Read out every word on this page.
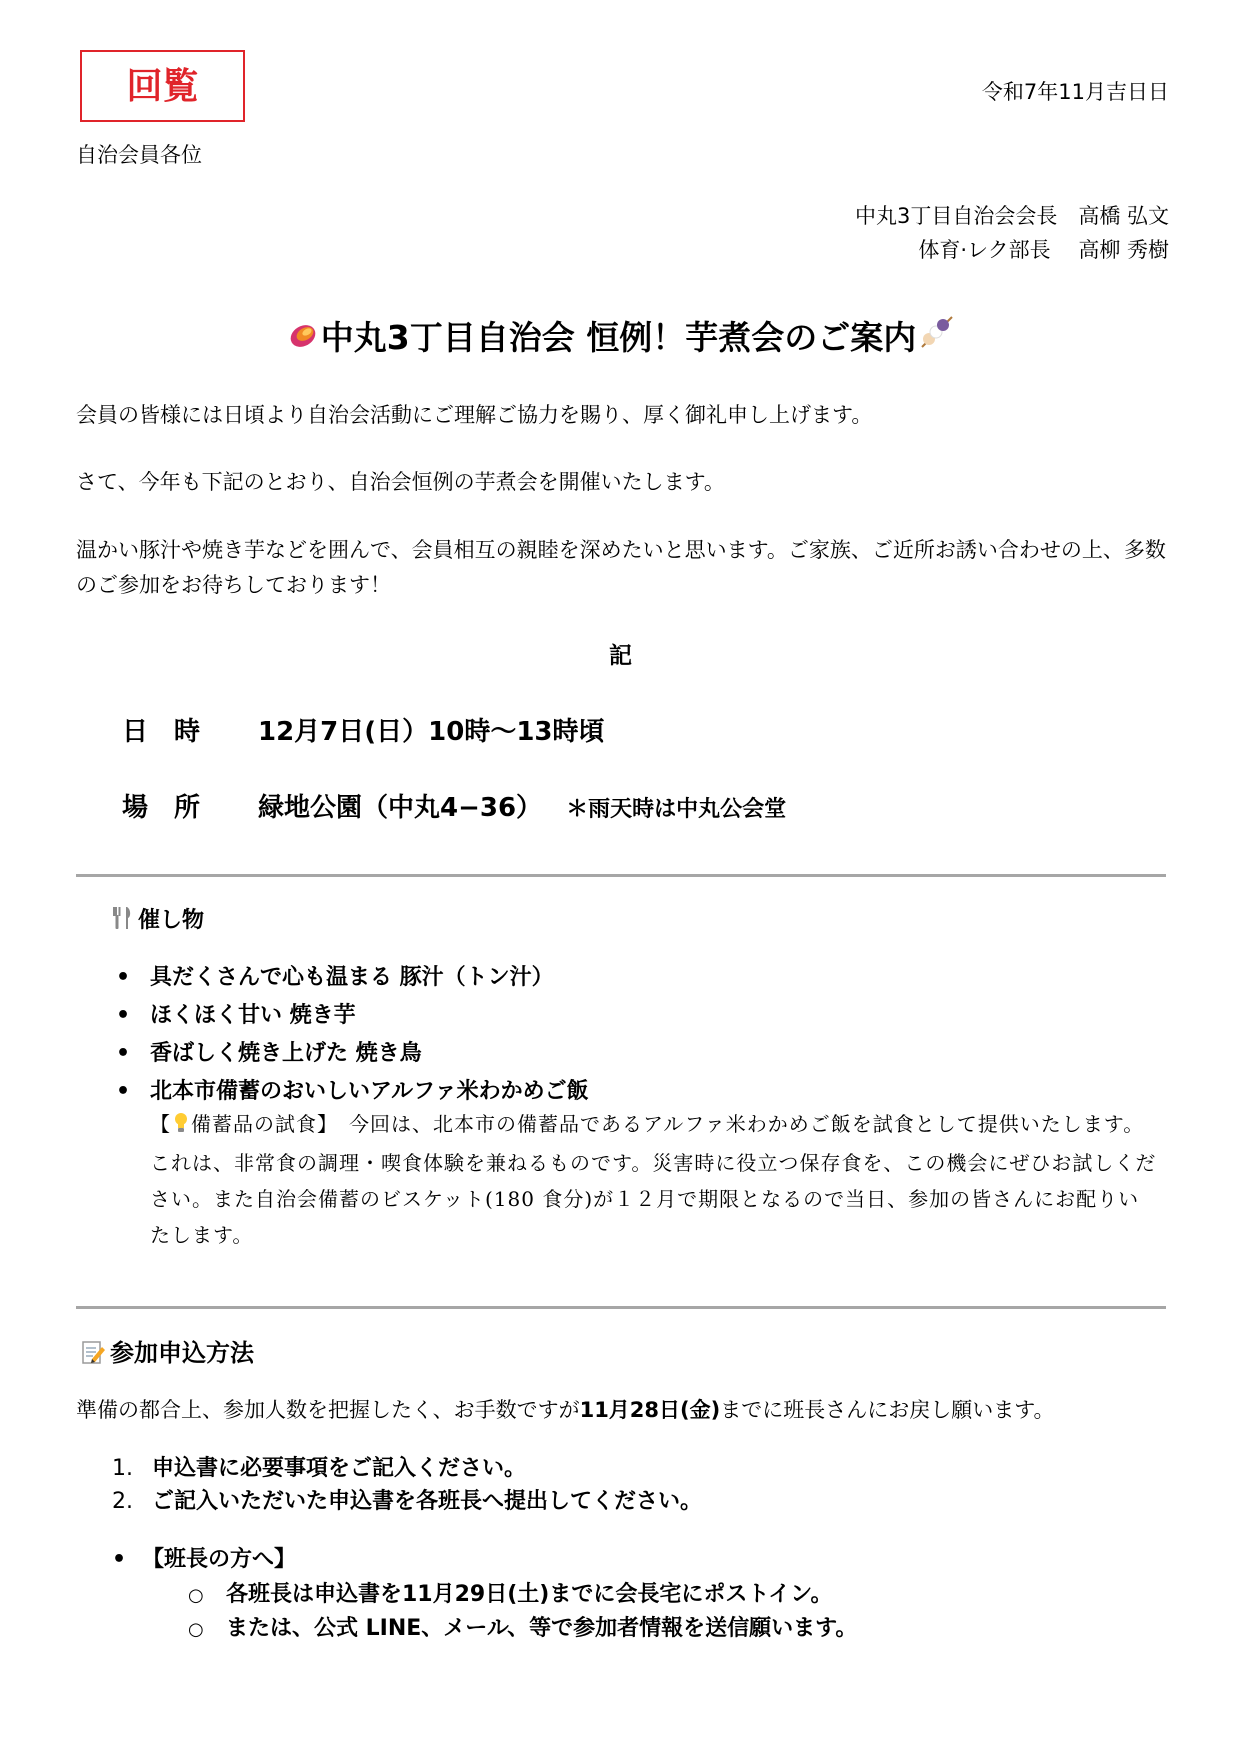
回覧	令和7年11月吉日日
自治会員各位
中丸3丁目自治会会長　高橋 弘文
体育·レク部長　 高柳 秀樹
中丸3丁目自治会 恒例！芋煮会のご案内
会員の皆様には日頃より自治会活動にご理解ご協力を賜り、厚く御礼申し上げます。
さて、今年も下記のとおり、自治会恒例の芋煮会を開催いたします。
温かい豚汁や焼き芋などを囲んで、会員相互の親睦を深めたいと思います。ご家族、ご近所お誘い合わせの上、多数のご参加をお待ちしております！
記
日　時 12月7日(日）10時～13時頃
場　所 緑地公園（中丸4−36） ＊雨天時は中丸公会堂
催し物
• 具だくさんで心も温まる 豚汁（トン汁）
• ほくほく甘い 焼き芋
• 香ばしく焼き上げた 焼き鳥
• 北本市備蓄のおいしいアルファ米わかめご飯
【 備蓄品の試食】　 今回は、北本市の備蓄品であるアルファ米わかめご飯を試食として提供いたします。これは、非常食の調理・喫食体験を兼ねるものです。災害時に役立つ保存食を、この機会にぜひお試しください。また自治会備蓄のビスケット(180 食分)が１２月で期限となるので当日、参加の皆さんにお配りいたします。
参加申込方法
準備の都合上、参加人数を把握したく、お手数ですが11月28日(金)までに班長さんにお戻し願います。
1. 申込書に必要事項をご記入ください。
2. ご記入いただいた申込書を各班長へ提出してください。
• 【班長の方へ】
○ 各班長は申込書を11月29日(土)までに会長宅にポストイン。
○ または、公式 LINE、メール、等で参加者情報を送信願います。
